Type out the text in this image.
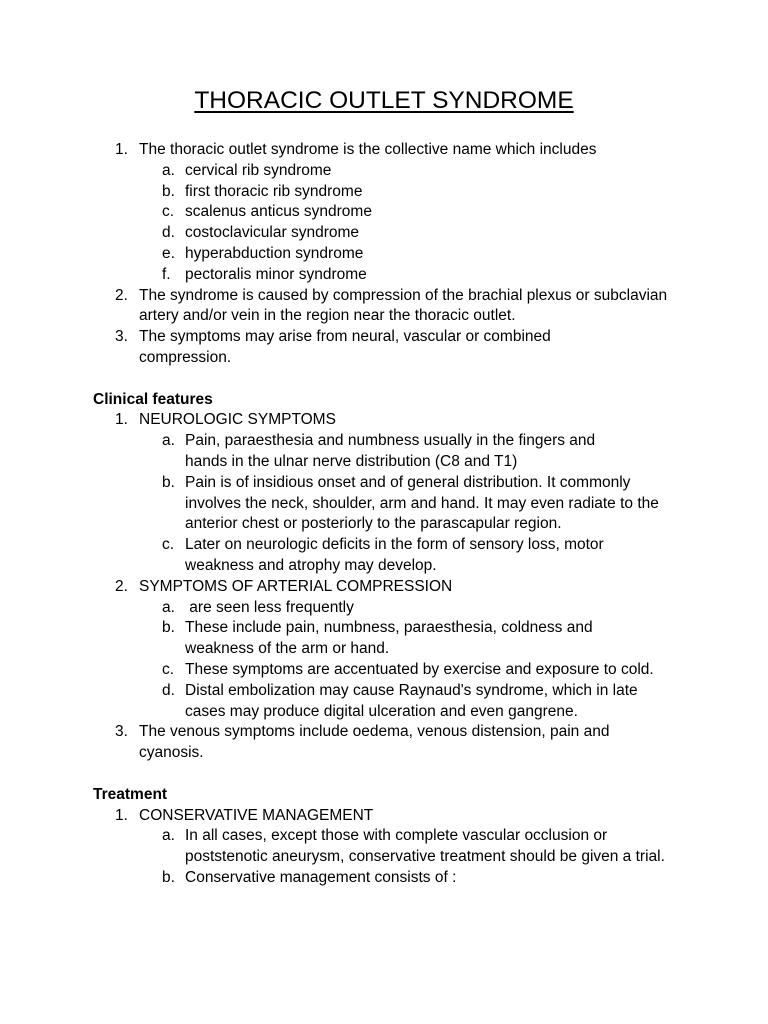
THORACIC OUTLET SYNDROME
1. The thoracic outlet syndrome is the collective name which includes
a. cervical rib syndrome
b. first thoracic rib syndrome
c. scalenus anticus syndrome
d. costoclavicular syndrome
e. hyperabduction syndrome
f. pectoralis minor syndrome
2. The syndrome is caused by compression of the brachial plexus or subclavian artery and/or vein in the region near the thoracic outlet.
3. The symptoms may arise from neural, vascular or combined compression.
Clinical features
1. NEUROLOGIC SYMPTOMS
a. Pain, paraesthesia and numbness usually in the fingers and hands in the ulnar nerve distribution (C8 and T1)
b. Pain is of insidious onset and of general distribution. It commonly involves the neck, shoulder, arm and hand. It may even radiate to the anterior chest or posteriorly to the parascapular region.
c. Later on neurologic deficits in the form of sensory loss, motor weakness and atrophy may develop.
2. SYMPTOMS OF ARTERIAL COMPRESSION
a. are seen less frequently
b. These include pain, numbness, paraesthesia, coldness and weakness of the arm or hand.
c. These symptoms are accentuated by exercise and exposure to cold.
d. Distal embolization may cause Raynaud's syndrome, which in late cases may produce digital ulceration and even gangrene.
3. The venous symptoms include oedema, venous distension, pain and cyanosis.
Treatment
1. CONSERVATIVE MANAGEMENT
a. In all cases, except those with complete vascular occlusion or poststenotic aneurysm, conservative treatment should be given a trial.
b. Conservative management consists of :
